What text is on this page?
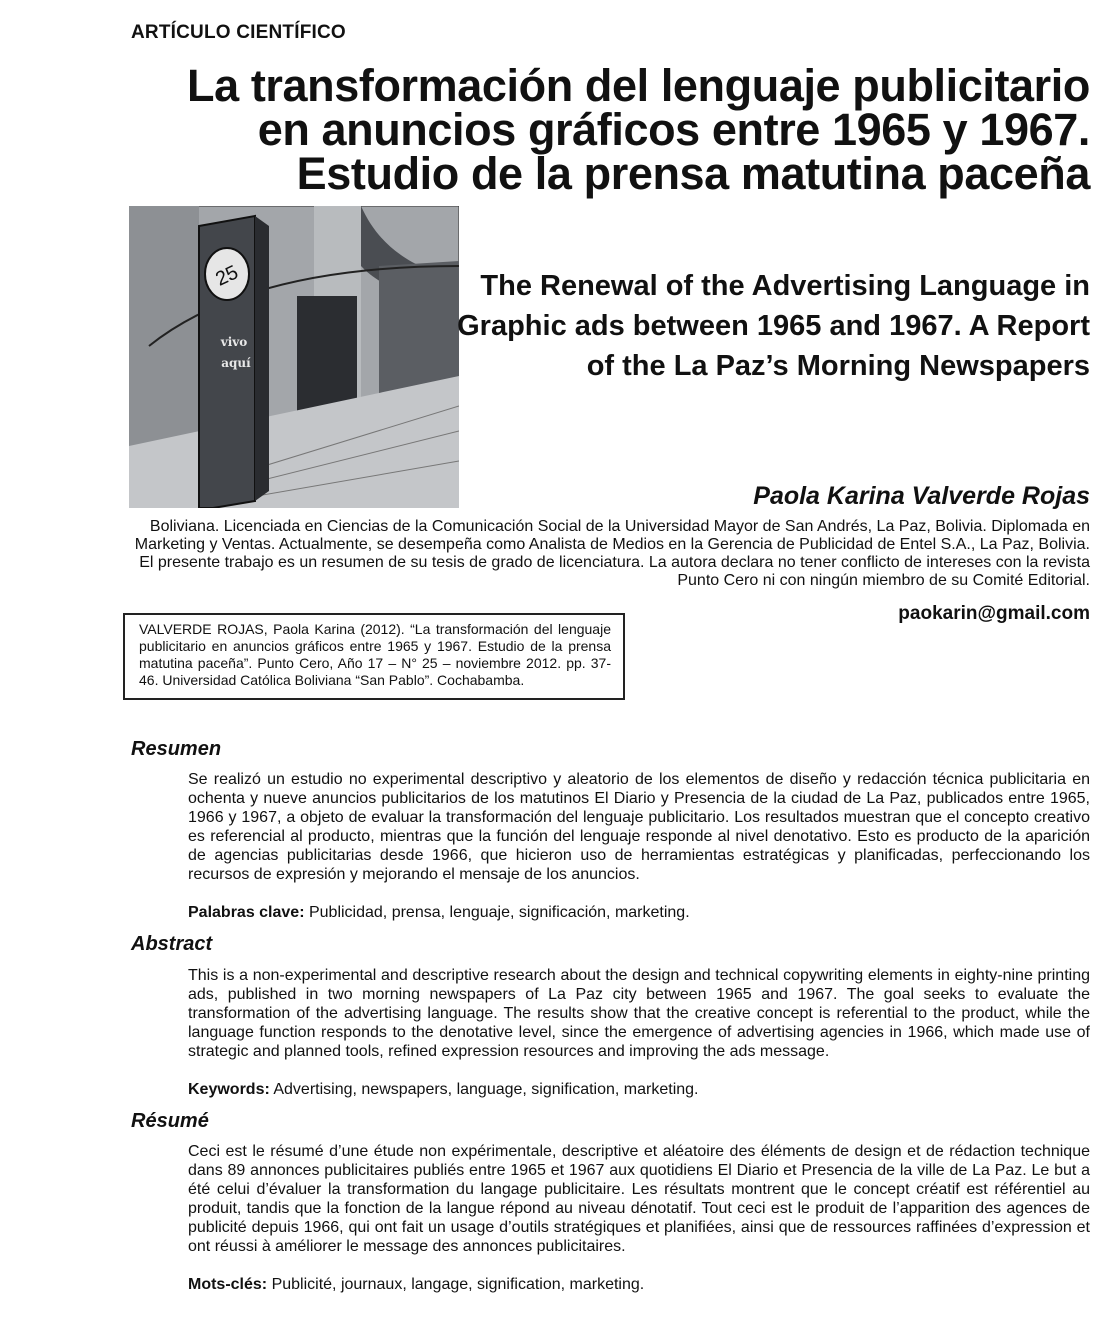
ARTÍCULO CIENTÍFICO
La transformación del lenguaje publicitario en anuncios gráficos entre 1965 y 1967. Estudio de la prensa matutina paceña
25
vivo
aquí
The Renewal of the Advertising Language in Graphic ads between 1965 and 1967. A Report of the La Paz’s Morning Newspapers
Paola Karina Valverde Rojas
Boliviana. Licenciada en Ciencias de la Comunicación Social de la Universidad Mayor de San Andrés, La Paz, Bolivia. Diplomada en Marketing y Ventas. Actualmente, se desempeña como Analista de Medios en la Gerencia de Publicidad de Entel S.A., La Paz, Bolivia. El presente trabajo es un resumen de su tesis de grado de licenciatura. La autora declara no tener conflicto de intereses con la revista Punto Cero ni con ningún miembro de su Comité Editorial.
paokarin@gmail.com
VALVERDE ROJAS, Paola Karina (2012). “La transformación del lenguaje publicitario en anuncios gráficos entre 1965 y 1967. Estudio de la prensa matutina paceña”. Punto Cero, Año 17 – N° 25 – noviembre 2012. pp. 37-46. Universidad Católica Boliviana “San Pablo”. Cochabamba.
Resumen
Se realizó un estudio no experimental descriptivo y aleatorio de los elementos de diseño y redacción técnica publicitaria en ochenta y nueve anuncios publicitarios de los matutinos El Diario y Presencia de la ciudad de La Paz, publicados entre 1965, 1966 y 1967, a objeto de evaluar la transformación del lenguaje publicitario. Los resultados muestran que el concepto creativo es referencial al producto, mientras que la función del lenguaje responde al nivel denotativo. Esto es producto de la aparición de agencias publicitarias desde 1966, que hicieron uso de herramientas estratégicas y planificadas, perfeccionando los recursos de expresión y mejorando el mensaje de los anuncios.
Palabras clave: Publicidad, prensa, lenguaje, significación, marketing.
Abstract
This is a non-experimental and descriptive research about the design and technical copywriting elements in eighty-nine printing ads, published in two morning newspapers of La Paz city between 1965 and 1967. The goal seeks to evaluate the transformation of the advertising language. The results show that the creative concept is referential to the product, while the language function responds to the denotative level, since the emergence of advertising agencies in 1966, which made use of strategic and planned tools, refined expression resources and improving the ads message.
Keywords: Advertising, newspapers, language, signification, marketing.
Résumé
Ceci est le résumé d’une étude non expérimentale, descriptive et aléatoire des éléments de design et de rédaction technique dans 89 annonces publicitaires publiés entre 1965 et 1967 aux quotidiens El Diario et Presencia de la ville de La Paz. Le but a été celui d’évaluer la transformation du langage publicitaire. Les résultats montrent que le concept créatif est référentiel au produit, tandis que la fonction de la langue répond au niveau dénotatif. Tout ceci est le produit de l’apparition des agences de publicité depuis 1966, qui ont fait un usage d’outils stratégiques et planifiées, ainsi que de ressources raffinées d’expression et ont réussi à améliorer le message des annonces publicitaires.
Mots-clés: Publicité, journaux, langage, signification, marketing.
